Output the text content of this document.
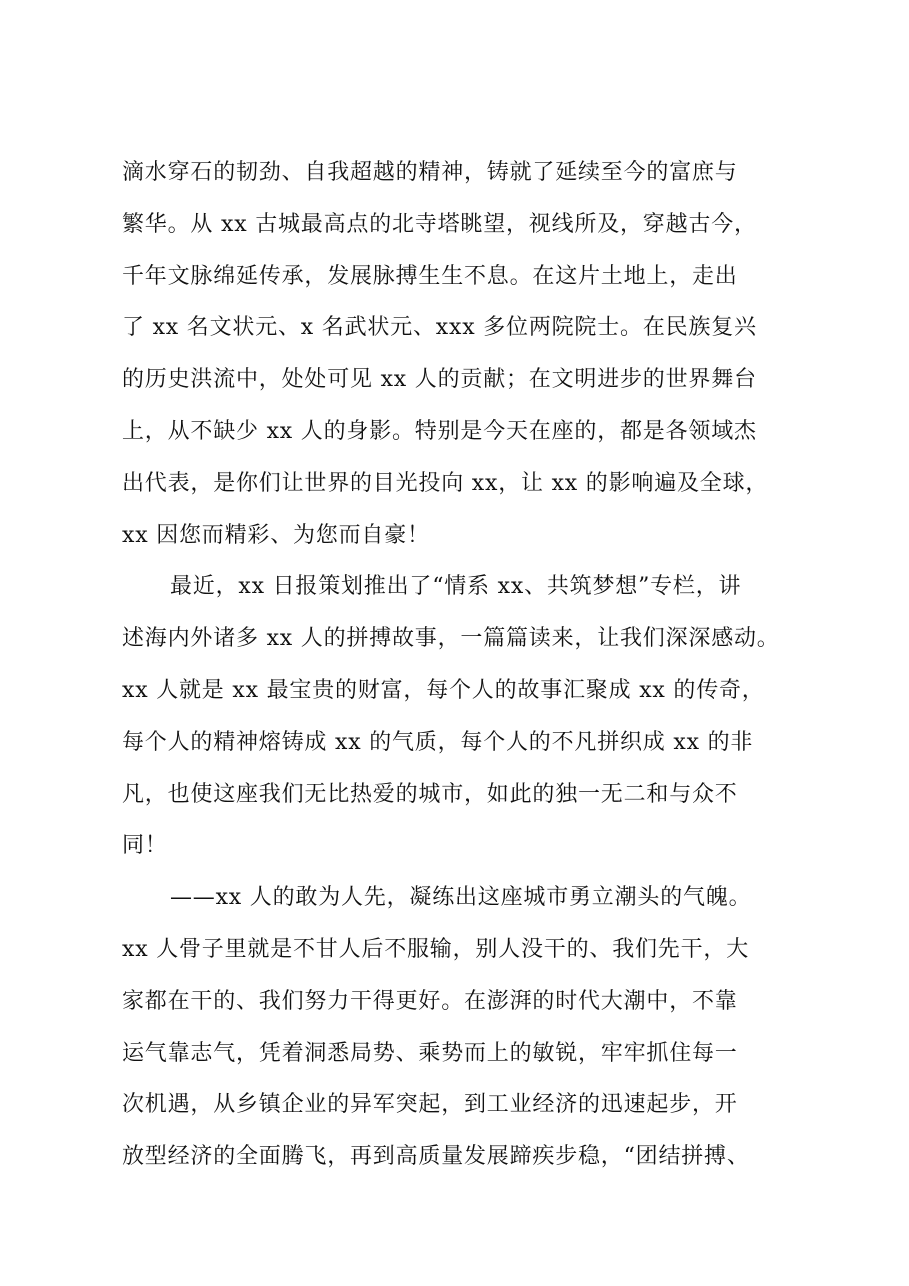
滴水穿石的韧劲、自我超越的精神，铸就了延续至今的富庶与
繁华。从 xx 古城最高点的北寺塔眺望，视线所及，穿越古今，
千年文脉绵延传承，发展脉搏生生不息。在这片土地上，走出
了 xx 名文状元、x 名武状元、xxx 多位两院院士。在民族复兴
的历史洪流中，处处可见 xx 人的贡献；在文明进步的世界舞台
上，从不缺少 xx 人的身影。特别是今天在座的，都是各领域杰
出代表，是你们让世界的目光投向 xx，让 xx 的影响遍及全球，
xx 因您而精彩、为您而自豪！
最近，xx 日报策划推出了“情系 xx、共筑梦想”专栏，讲
述海内外诸多 xx 人的拼搏故事，一篇篇读来，让我们深深感动。
xx 人就是 xx 最宝贵的财富，每个人的故事汇聚成 xx 的传奇，
每个人的精神熔铸成 xx 的气质，每个人的不凡拼织成 xx 的非
凡，也使这座我们无比热爱的城市，如此的独一无二和与众不
同！
——xx 人的敢为人先，凝练出这座城市勇立潮头的气魄。
xx 人骨子里就是不甘人后不服输，别人没干的、我们先干，大
家都在干的、我们努力干得更好。在澎湃的时代大潮中，不靠
运气靠志气，凭着洞悉局势、乘势而上的敏锐，牢牢抓住每一
次机遇，从乡镇企业的异军突起，到工业经济的迅速起步，开
放型经济的全面腾飞，再到高质量发展蹄疾步稳，“团结拼搏、
